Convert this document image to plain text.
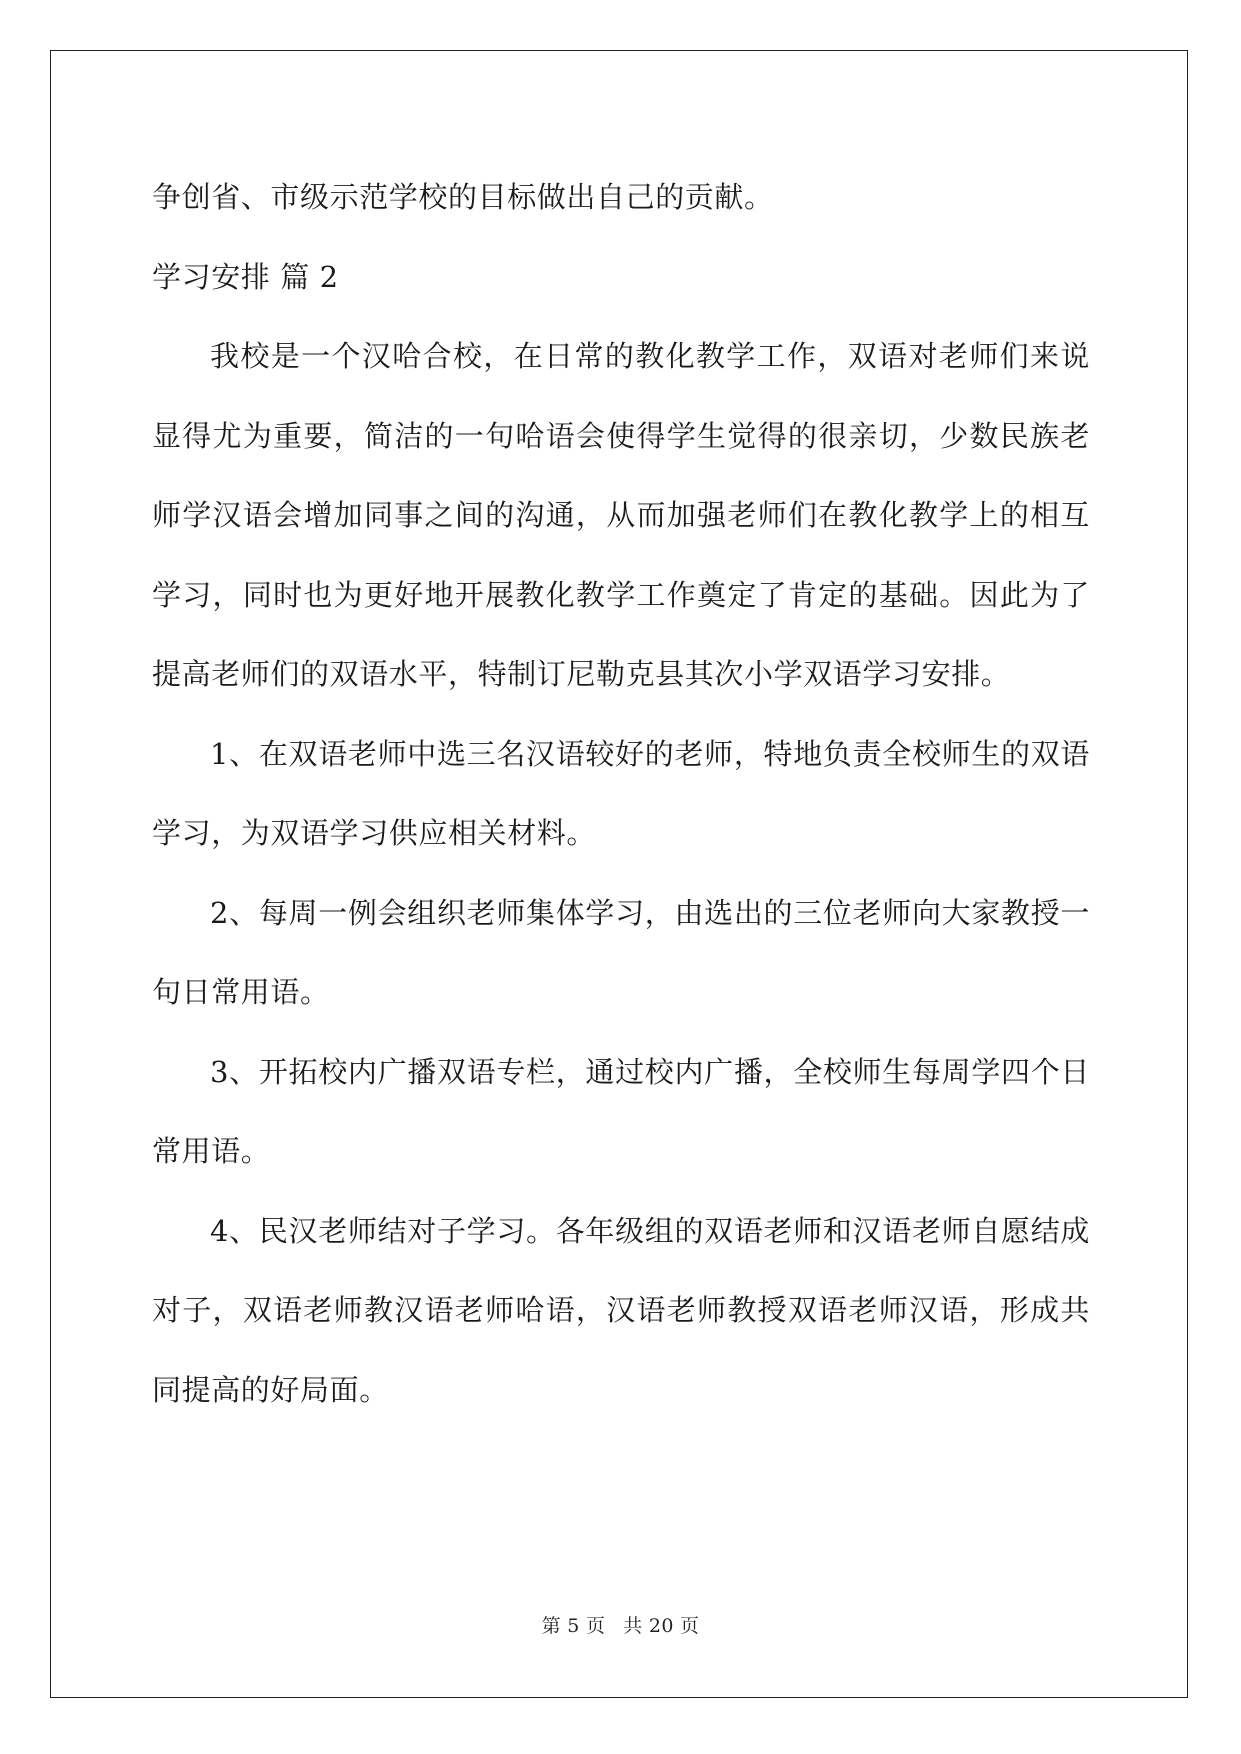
争创省、市级示范学校的目标做出自己的贡献。

学习安排 篇 2

我校是一个汉哈合校，在日常的教化教学工作，双语对老师们来说显得尤为重要，简洁的一句哈语会使得学生觉得的很亲切，少数民族老师学汉语会增加同事之间的沟通，从而加强老师们在教化教学上的相互学习，同时也为更好地开展教化教学工作奠定了肯定的基础。因此为了提高老师们的双语水平，特制订尼勒克县其次小学双语学习安排。

1、在双语老师中选三名汉语较好的老师，特地负责全校师生的双语学习，为双语学习供应相关材料。

2、每周一例会组织老师集体学习，由选出的三位老师向大家教授一句日常用语。

3、开拓校内广播双语专栏，通过校内广播，全校师生每周学四个日常用语。

4、民汉老师结对子学习。各年级组的双语老师和汉语老师自愿结成对子，双语老师教汉语老师哈语，汉语老师教授双语老师汉语，形成共同提高的好局面。

第 5 页 共 20 页
